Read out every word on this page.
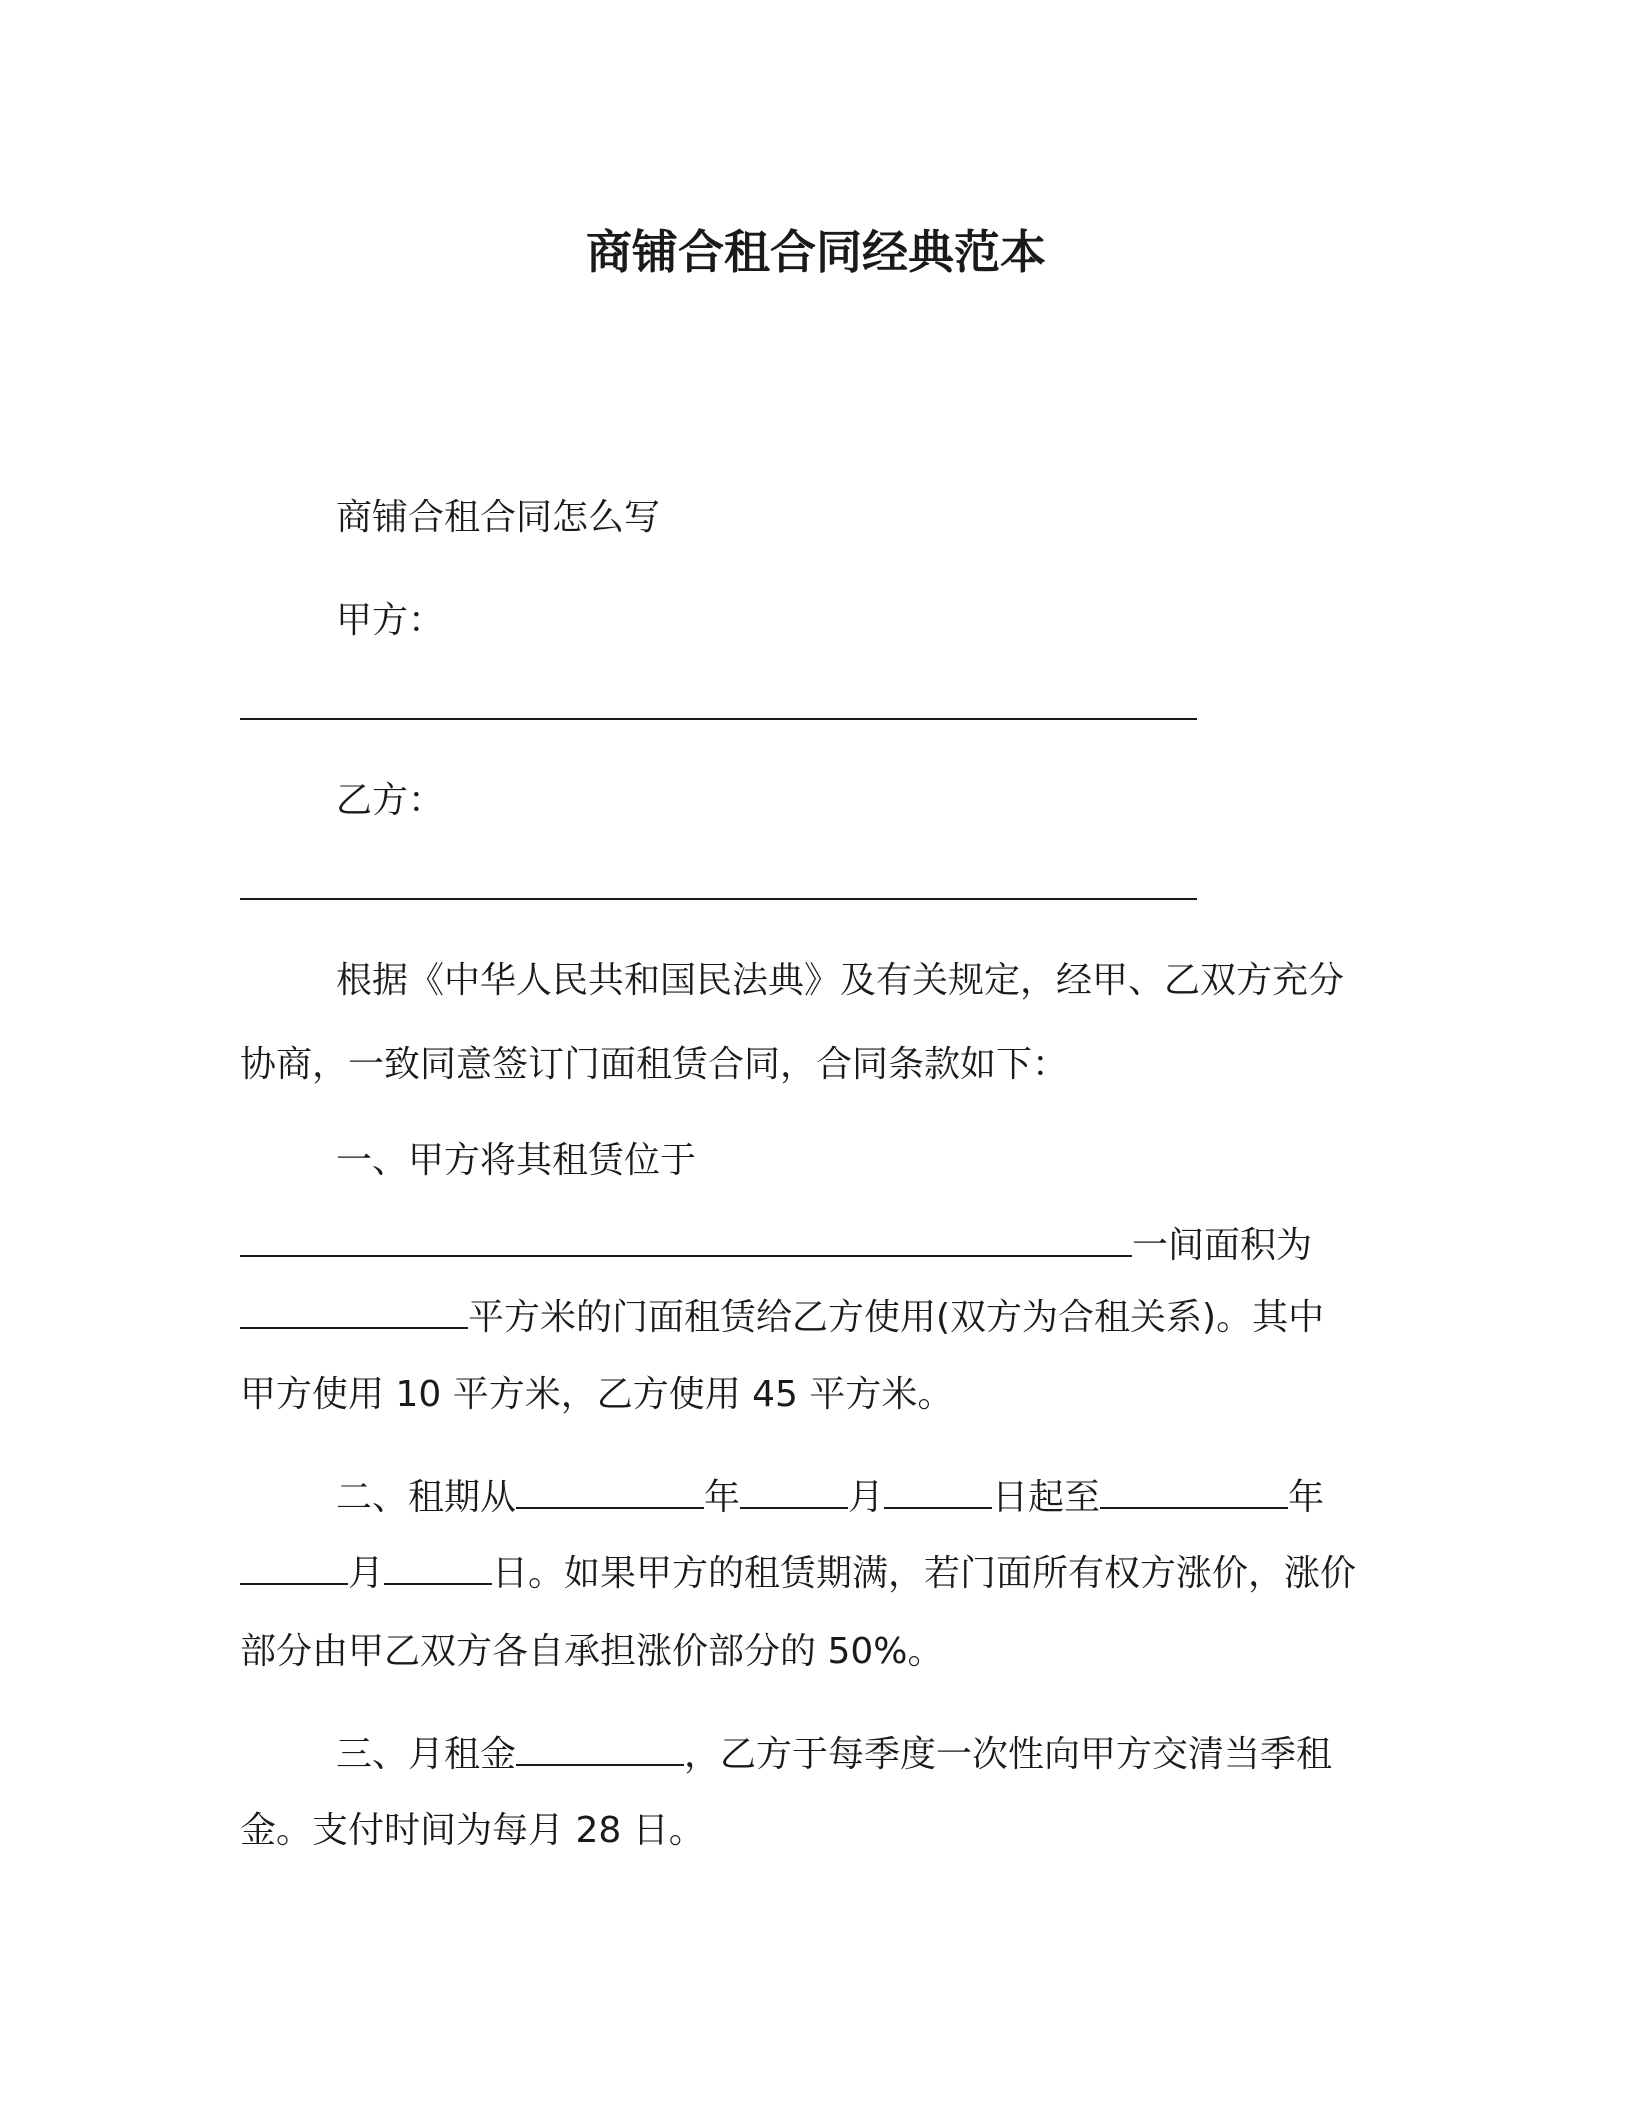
商铺合租合同经典范本
商铺合租合同怎么写
甲方：
乙方：
根据《中华人民共和国民法典》及有关规定，经甲、乙双方充分
协商，一致同意签订门面租赁合同，合同条款如下：
一、甲方将其租赁位于
一间面积为
平方米的门面租赁给乙方使用(双方为合租关系)。其中
甲方使用 10 平方米，乙方使用 45 平方米。
二、租期从	年	月	日起至	年
月	日。如果甲方的租赁期满，若门面所有权方涨价，涨价
部分由甲乙双方各自承担涨价部分的 50%。
三、月租金	，乙方于每季度一次性向甲方交清当季租
金。支付时间为每月 28 日。
